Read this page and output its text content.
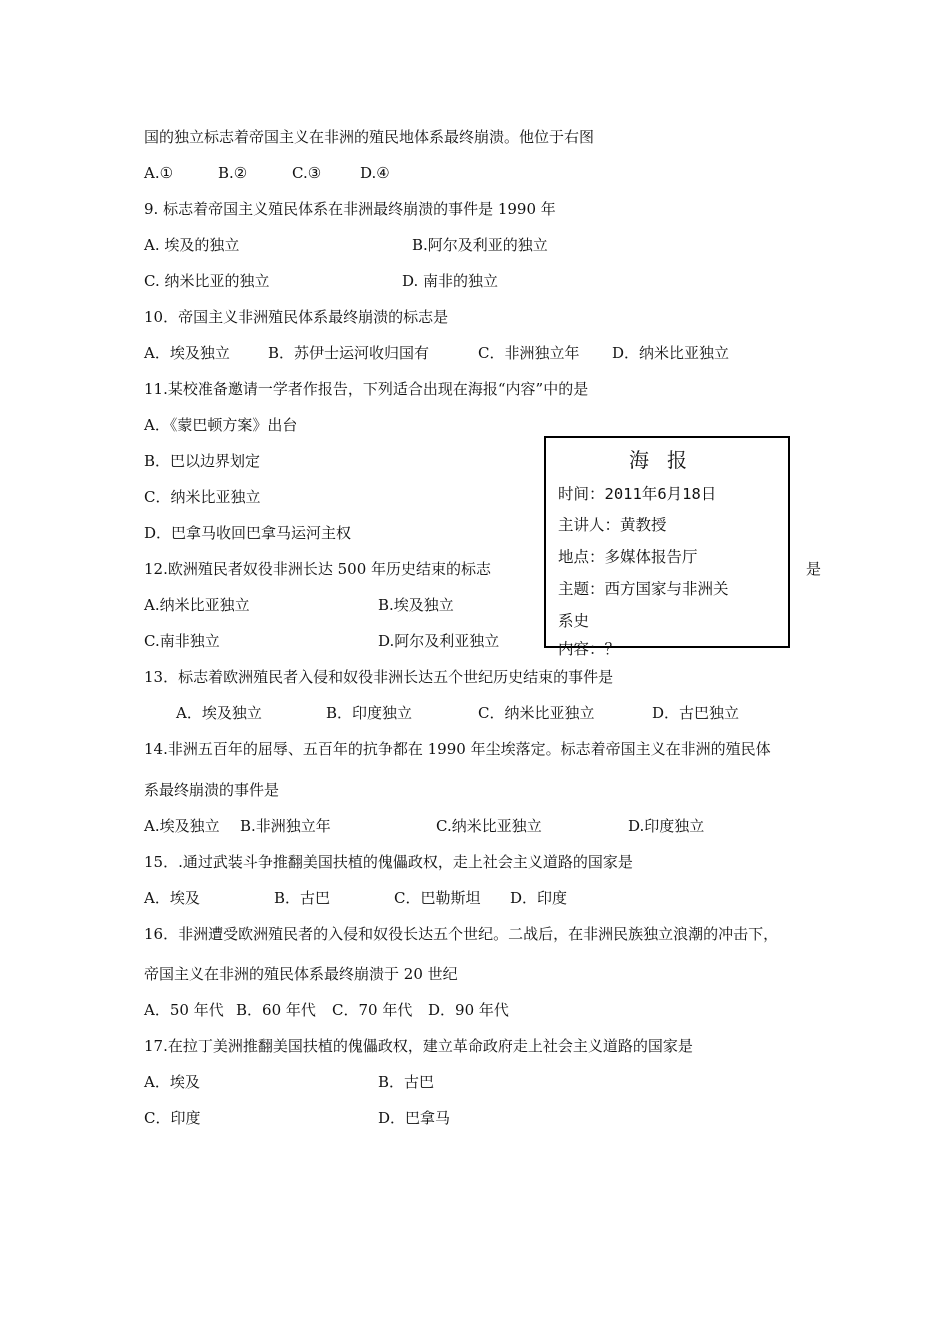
国的独立标志着帝国主义在非洲的殖民地体系最终崩溃。他位于右图
A.①	B.②	C.③	D.④
9. 标志着帝国主义殖民体系在非洲最终崩溃的事件是 1990 年
A. 埃及的独立	B.阿尔及利亚的独立
C. 纳米比亚的独立	D. 南非的独立
10．帝国主义非洲殖民体系最终崩溃的标志是
A．埃及独立	B．苏伊士运河收归国有	C．非洲独立年 D．纳米比亚独立
11.某校准备邀请一学者作报告，下列适合出现在海报“内容”中的是
A．《蒙巴顿方案》出台
B．巴以边界划定
C．纳米比亚独立
D．巴拿马收回巴拿马运河主权
海报
时间：2011年6月18日
主讲人：黄教授
地点：多媒体报告厅
主题：西方国家与非洲关
系史
内容：？
12.欧洲殖民者奴役非洲长达 500 年历史结束的标志	是
A.纳米比亚独立	B.埃及独立
C.南非独立	D.阿尔及利亚独立
13．标志着欧洲殖民者入侵和奴役非洲长达五个世纪历史结束的事件是
A．埃及独立	B．印度独立	C．纳米比亚独立	D．古巴独立
14.非洲五百年的屈辱、五百年的抗争都在 1990 年尘埃落定。标志着帝国主义在非洲的殖民体
系最终崩溃的事件是
A.埃及独立 B.非洲独立年	C.纳米比亚独立	D.印度独立
15．.通过武装斗争推翻美国扶植的傀儡政权，走上社会主义道路的国家是
A．埃及	B．古巴	C．巴勒斯坦 D．印度
16．非洲遭受欧洲殖民者的入侵和奴役长达五个世纪。二战后，在非洲民族独立浪潮的冲击下，
帝国主义在非洲的殖民体系最终崩溃于 20 世纪
A．50 年代 B．60 年代 C．70 年代 D．90 年代
17.在拉丁美洲推翻美国扶植的傀儡政权，建立革命政府走上社会主义道路的国家是
A．埃及	B．古巴
C．印度	D．巴拿马
